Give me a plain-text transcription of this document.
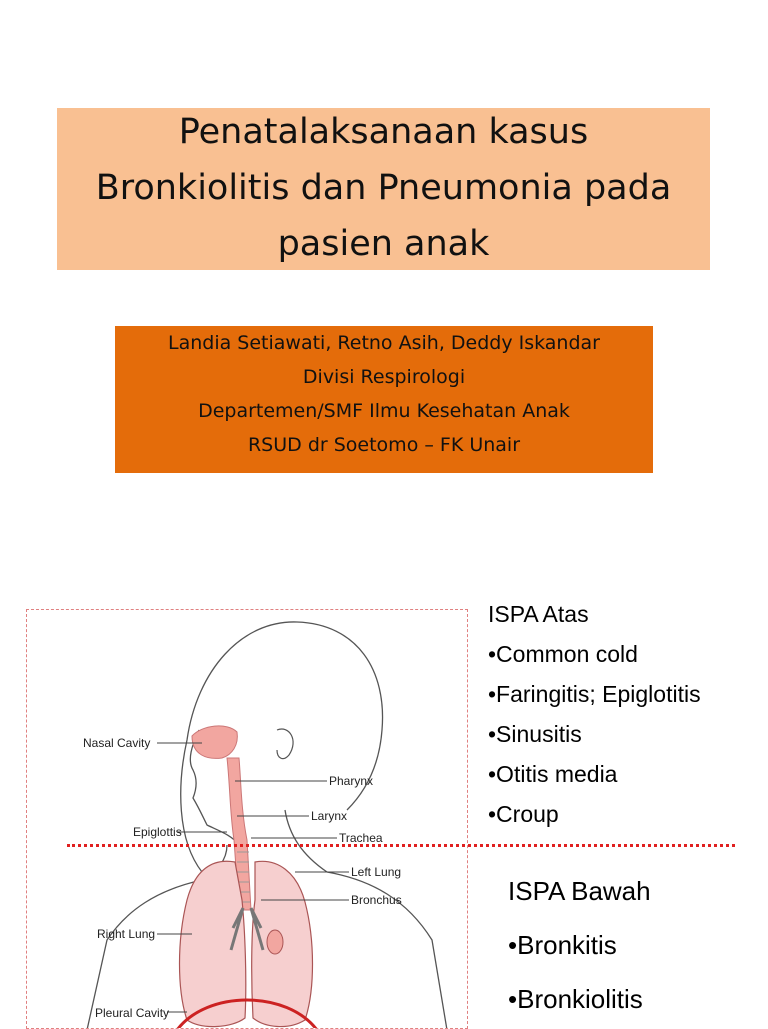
Penatalaksanaan kasus
Bronkiolitis dan Pneumonia pada
pasien anak
Landia Setiawati, Retno Asih, Deddy Iskandar
Divisi Respirologi
Departemen/SMF Ilmu Kesehatan Anak
RSUD dr Soetomo – FK Unair
Nasal Cavity
Pharynx
Larynx
Epiglottis	Trachea
Left Lung
Bronchus
Right Lung
Pleural Cavity
ISPA Atas
•Common cold
•Faringitis; Epiglotitis
•Sinusitis
•Otitis media
•Croup
ISPA Bawah
•Bronkitis
•Bronkiolitis
